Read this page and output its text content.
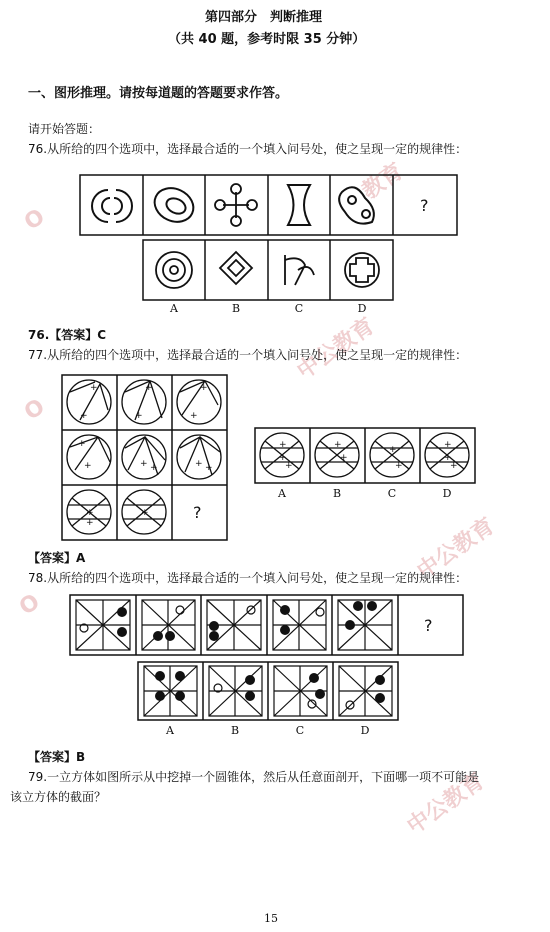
O
教育
O
中公教育
O
中公教育
中公教育
第四部分　判断推理
（共 40 题，参考时限 35 分钟）
一、图形推理。请按每道题的答题要求作答。
请开始答题：
76.从所给的四个选项中，选择最合适的一个填入问号处，使之呈现一定的规律性：
+
+
+
+
+
+
+
+	+ +	+ +
+
+
+
+
+
+
+
+
+
+
+
+
+
?
A	B	C	D
76.【答案】C
77.从所给的四个选项中，选择最合适的一个填入问号处，使之呈现一定的规律性：
?
A	B	C	D
【答案】A
78.从所给的四个选项中，选择最合适的一个填入问号处，使之呈现一定的规律性：
?
A	B	C	D
【答案】B
79.一立方体如图所示从中挖掉一个圆锥体，然后从任意面剖开，下面哪一项不可能是
该立方体的截面？
15
